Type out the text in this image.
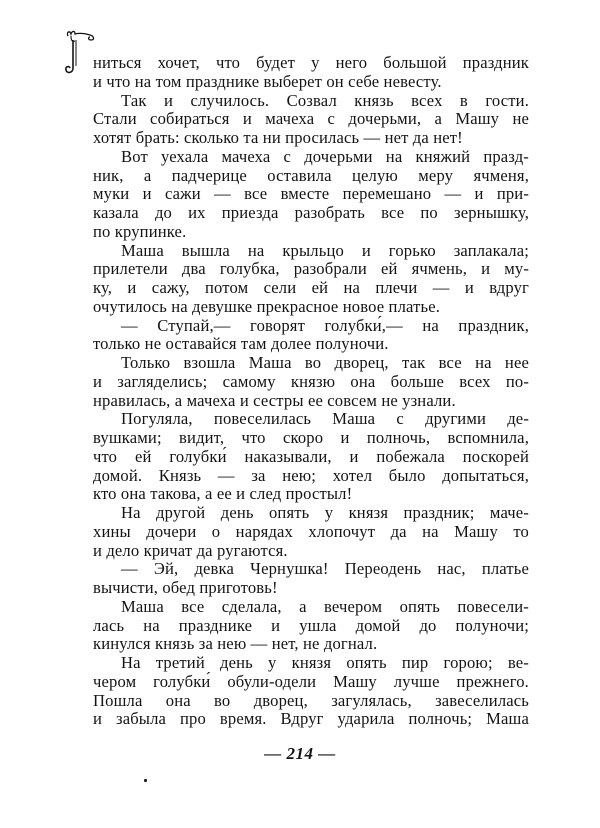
ниться хочет, что будет у него большой праздник
и что на том празднике выберет он себе невесту.
Так и случилось. Созвал князь всех в гости.
Стали собираться и мачеха с дочерьми, а Машу не
хотят брать: сколько та ни просилась — нет да нет!
Вот уехала мачеха с дочерьми на княжий празд-
ник, а падчерице оставила целую меру ячменя,
муки и сажи — все вместе перемешано — и при-
казала до их приезда разобрать все по зернышку,
по крупинке.
Маша вышла на крыльцо и горько заплакала;
прилетели два голубка, разобрали ей ячмень, и му-
ку, и сажу, потом сели ей на плечи — и вдруг
очутилось на девушке прекрасное новое платье.
— Ступай,— говорят голубки́,— на праздник,
только не оставайся там долее полуночи.
Только взошла Маша во дворец, так все на нее
и загляделись; самому князю она больше всех по-
нравилась, а мачеха и сестры ее совсем не узнали.
Погуляла, повеселилась Маша с другими де-
вушками; видит, что скоро и полночь, вспомнила,
что ей голубки́ наказывали, и побежала поскорей
домой. Князь — за нею; хотел было допытаться,
кто она такова, а ее и след простыл!
На другой день опять у князя праздник; маче-
хины дочери о нарядах хлопочут да на Машу то
и дело кричат да ругаются.
— Эй, девка Чернушка! Переодень нас, платье
вычисти, обед приготовь!
Маша все сделала, а вечером опять повесели-
лась на празднике и ушла домой до полуночи;
кинулся князь за нею — нет, не догнал.
На третий день у князя опять пир горою; ве-
чером голубки́ обули-одели Машу лучше прежнего.
Пошла она во дворец, загулялась, завеселилась
и забыла про время. Вдруг ударила полночь; Маша
— 214 —
